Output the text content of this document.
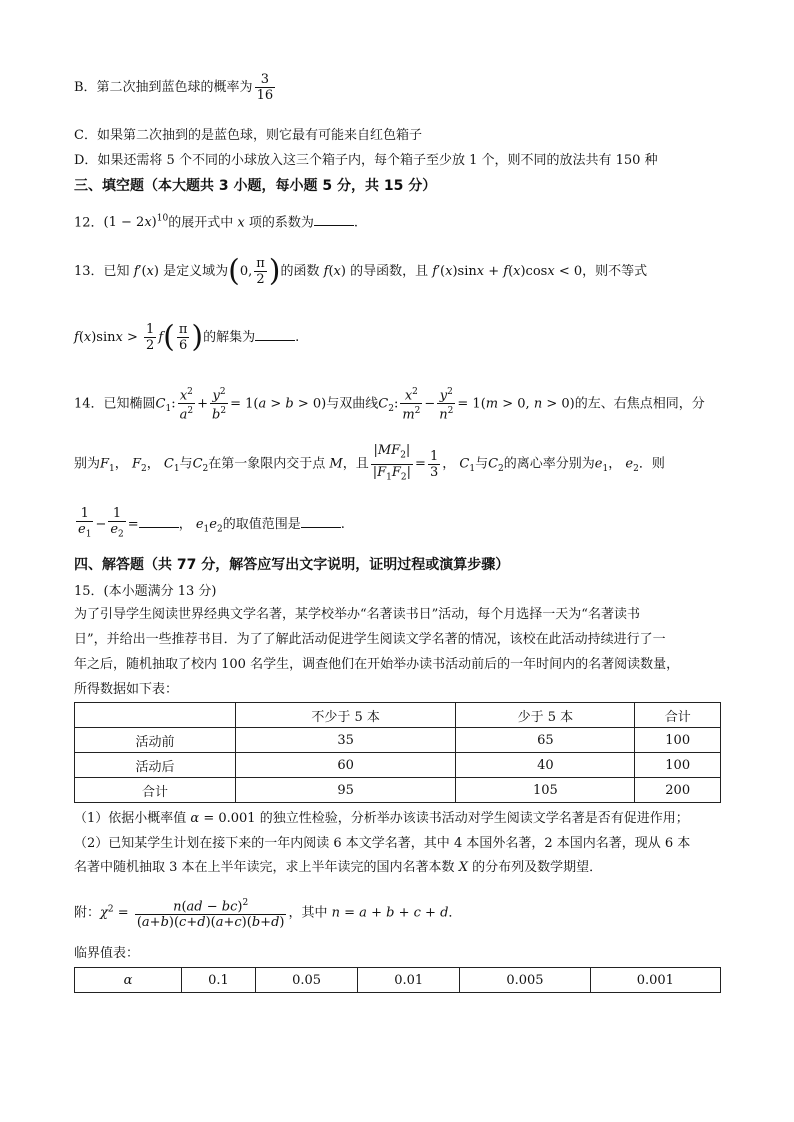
B．第二次抽到蓝色球的概率为 $\frac{3}{16}$
C．如果第二次抽到的是蓝色球，则它最有可能来自红色箱子
D．如果还需将 5 个不同的小球放入这三个箱子内，每个箱子至少放 1 个，则不同的放法共有 150 种
三、填空题（本大题共 3 小题，每小题 5 分，共 15 分）
12．$(1 - 2x)^{10}$的展开式中 x 项的系数为	.
13．已知 f′(x) 是定义域为(0, $\frac{\pi}{2}$ )的函数 f(x) 的导函数，且 f′(x)sinx + f(x)cosx < 0，则不等式
$f(x)\sin x > \frac{1}{2} f( \frac{\pi}{6}$ )的解集为	.
14．已知椭圆$C_1$: $\frac{x^2}{a^2} + \frac{y^2}{b^2} = 1(a > b > 0)$与双曲线$C_2$: $\frac{x^2}{m^2} - \frac{y^2}{n^2} = 1(m > 0$, n > 0)的左、右焦点相同，分
别为$F_1$， $F_2$， $C_1$与$C_2$在第一象限内交于点 M，且 $\frac{|MF_2|}{|F_1F_2|} = \frac{1}{3}$ ， $C_1$与$C_2$的离心率分别为$e_1$， $e_2$．则
$\frac{1}{e_1} - \frac{1}{e_2}$ =	， $e_1e_2$的取值范围是	.
四、解答题（共 77 分，解答应写出文字说明，证明过程或演算步骤）
15．(本小题满分 13 分)
为了引导学生阅读世界经典文学名著，某学校举办“名著读书日”活动，每个月选择一天为“名著读书
日”，并给出一些推荐书目．为了了解此活动促进学生阅读文学名著的情况，该校在此活动持续进行了一
年之后，随机抽取了校内 100 名学生，调查他们在开始举办读书活动前后的一年时间内的名著阅读数量，
所得数据如下表：
	不少于 5 本	少于 5 本	合计
活动前	35	65	100
活动后	60	40	100
合计	95	105	200
（1）依据小概率值 α = 0.001 的独立性检验，分析举办该读书活动对学生阅读文学名著是否有促进作用；
（2）已知某学生计划在接下来的一年内阅读 6 本文学名著，其中 4 本国外名著，2 本国内名著，现从 6 本
名著中随机抽取 3 本在上半年读完，求上半年读完的国内名著本数 X 的分布列及数学期望．
附：$\chi^2 = \frac{n(ad - bc)^2}{(a+b)(c+d)(a+c)(b+d)}$ ，其中 n = a + b + c + d．
临界值表：
α	0.1	0.05	0.01	0.005	0.001
